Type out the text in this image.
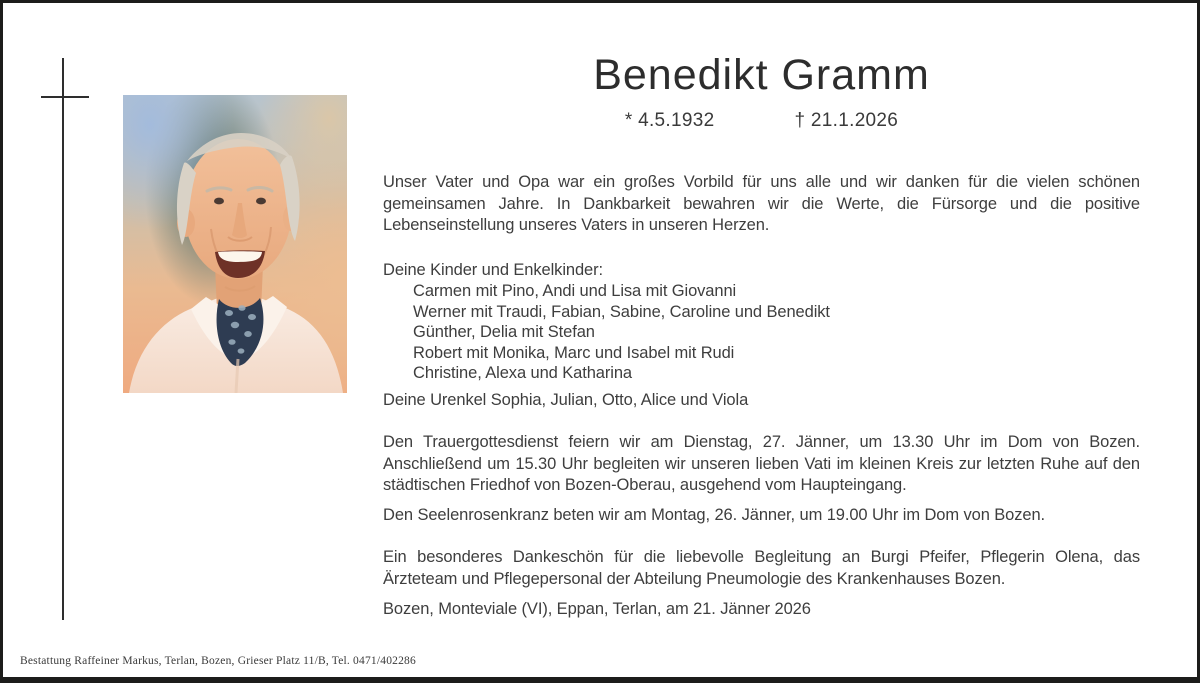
Benedikt Gramm
* 4.5.1932	† 21.1.2026

Unser Vater und Opa war ein großes Vorbild für uns alle und wir danken für die vielen schönen gemeinsamen Jahre. In Dankbarkeit bewahren wir die Werte, die Fürsorge und die positive Lebenseinstellung unseres Vaters in unseren Herzen.

Deine Kinder und Enkelkinder:

Carmen mit Pino, Andi und Lisa mit Giovanni
Werner mit Traudi, Fabian, Sabine, Caroline und Benedikt
Günther, Delia mit Stefan
Robert mit Monika, Marc und Isabel mit Rudi
Christine, Alexa und Katharina

Deine Urenkel Sophia, Julian, Otto, Alice und Viola

Den Trauergottesdienst feiern wir am Dienstag, 27. Jänner, um 13.30 Uhr im Dom von Bozen. Anschließend um 15.30 Uhr begleiten wir unseren lieben Vati im kleinen Kreis zur letzten Ruhe auf den städtischen Friedhof von Bozen-Oberau, ausgehend vom Haupteingang.

Den Seelenrosenkranz beten wir am Montag, 26. Jänner, um 19.00 Uhr im Dom von Bozen.

Ein besonderes Dankeschön für die liebevolle Begleitung an Burgi Pfeifer, Pflegerin Olena, das Ärzteteam und Pflegepersonal der Abteilung Pneumologie des Krankenhauses Bozen.

Bozen, Monteviale (VI), Eppan, Terlan, am 21. Jänner 2026

Bestattung Raffeiner Markus, Terlan, Bozen, Grieser Platz 11/B, Tel. 0471/402286
